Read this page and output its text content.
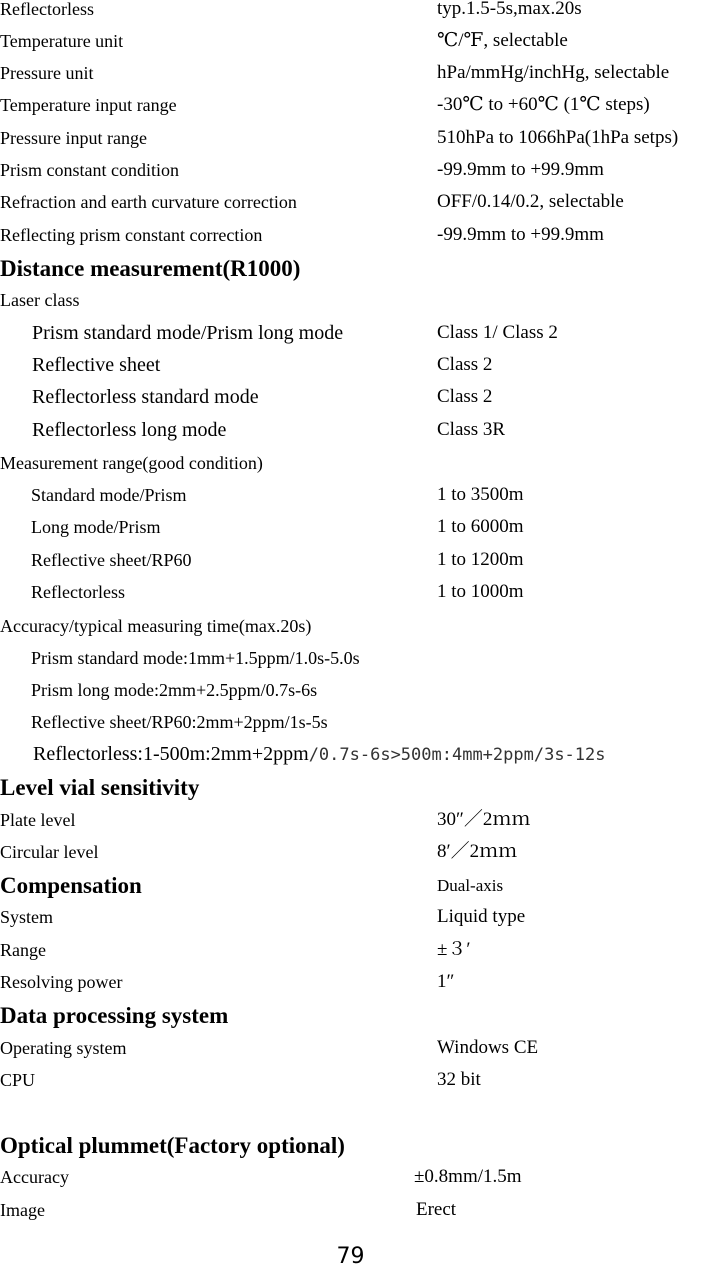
Reflectorless	typ.1.5-5s,max.20s
Temperature unit	℃/℉, selectable
Pressure unit	hPa/mmHg/inchHg, selectable
Temperature input range	-30℃ to +60℃ (1℃ steps)
Pressure input range	510hPa to 1066hPa(1hPa setps)
Prism constant condition	-99.9mm to +99.9mm
Refraction and earth curvature correction	OFF/0.14/0.2, selectable
Reflecting prism constant correction	-99.9mm to +99.9mm
Distance measurement(R1000)
Laser class
Prism standard mode/Prism long mode	Class 1/ Class 2
Reflective sheet	Class 2
Reflectorless standard mode	Class 2
Reflectorless long mode	Class 3R
Measurement range(good condition)
Standard mode/Prism	1 to 3500m
Long mode/Prism	1 to 6000m
Reflective sheet/RP60	1 to 1200m
Reflectorless	1 to 1000m
Accuracy/typical measuring time(max.20s)
Prism standard mode:1mm+1.5ppm/1.0s-5.0s
Prism long mode:2mm+2.5ppm/0.7s-6s
Reflective sheet/RP60:2mm+2ppm/1s-5s
Reflectorless:1-500m:2mm+2ppm/0.7s-6s>500m:4mm+2ppm/3s-12s
Level vial sensitivity
Plate level	30″／2ｍｍ
Circular level	8′／2ｍｍ
Compensation	Dual-axis
System	Liquid type
Range	±３′
Resolving power	1″
Data processing system
Operating system	Windows CE
CPU	32 bit
Optical plummet(Factory optional)
Accuracy	±0.8mm/1.5m
Image	Erect
79
